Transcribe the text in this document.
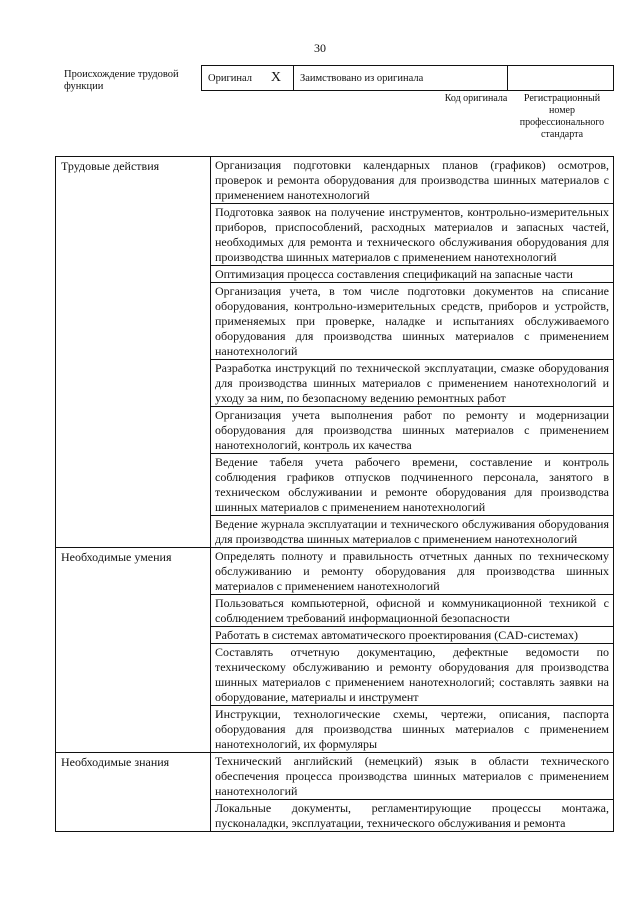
30
Происхождение трудовой функции
Оригинал X Заимствовано из оригинала
Код оригинала	Регистрационный номер профессионального стандарта
Трудовые действия	Организация подготовки календарных планов (графиков) осмотров, проверок и ремонта оборудования для производства шинных материалов с применением нанотехнологий
	Подготовка заявок на получение инструментов, контрольно-измерительных приборов, приспособлений, расходных материалов и запасных частей, необходимых для ремонта и технического обслуживания оборудования для производства шинных материалов с применением нанотехнологий
	Оптимизация процесса составления спецификаций на запасные части
	Организация учета, в том числе подготовки документов на списание оборудования, контрольно-измерительных средств, приборов и устройств, применяемых при проверке, наладке и испытаниях обслуживаемого оборудования для производства шинных материалов с применением нанотехнологий
	Разработка инструкций по технической эксплуатации, смазке оборудования для производства шинных материалов с применением нанотехнологий и уходу за ним, по безопасному ведению ремонтных работ
	Организация учета выполнения работ по ремонту и модернизации оборудования для производства шинных материалов с применением нанотехнологий, контроль их качества
	Ведение табеля учета рабочего времени, составление и контроль соблюдения графиков отпусков подчиненного персонала, занятого в техническом обслуживании и ремонте оборудования для производства шинных материалов с применением нанотехнологий
	Ведение журнала эксплуатации и технического обслуживания оборудования для производства шинных материалов с применением нанотехнологий
Необходимые умения	Определять полноту и правильность отчетных данных по техническому обслуживанию и ремонту оборудования для производства шинных материалов с применением нанотехнологий
	Пользоваться компьютерной, офисной и коммуникационной техникой с соблюдением требований информационной безопасности
	Работать в системах автоматического проектирования (CAD-системах)
	Составлять отчетную документацию, дефектные ведомости по техническому обслуживанию и ремонту оборудования для производства шинных материалов с применением нанотехнологий; составлять заявки на оборудование, материалы и инструмент
	Инструкции, технологические схемы, чертежи, описания, паспорта оборудования для производства шинных материалов с применением нанотехнологий, их формуляры
Необходимые знания	Технический английский (немецкий) язык в области технического обеспечения процесса производства шинных материалов с применением нанотехнологий
	Локальные документы, регламентирующие процессы монтажа, пусконаладки, эксплуатации, технического обслуживания и ремонта
